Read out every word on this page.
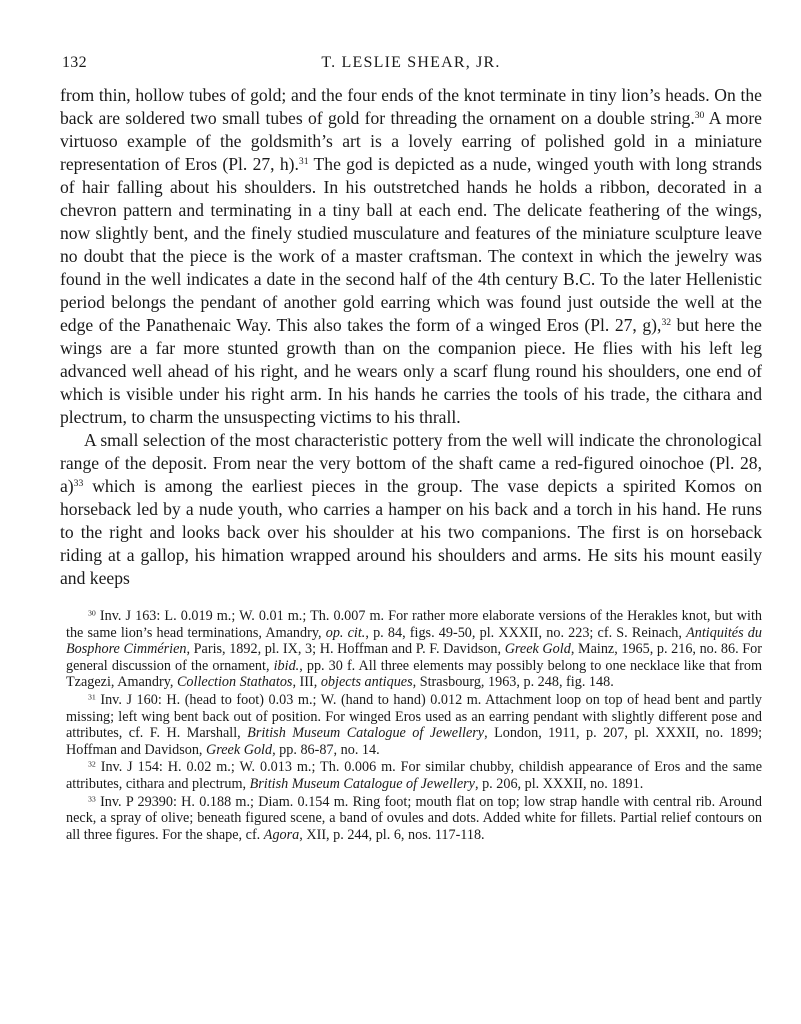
132	T. LESLIE SHEAR, JR.

from thin, hollow tubes of gold; and the four ends of the knot terminate in tiny lion’s heads. On the back are soldered two small tubes of gold for threading the ornament on a double string.$^{30}$ A more virtuoso example of the goldsmith’s art is a lovely earring of polished gold in a miniature representation of Eros (Pl. 27, h).$^{31}$ The god is depicted as a nude, winged youth with long strands of hair falling about his shoulders. In his outstretched hands he holds a ribbon, decorated in a chevron pattern and terminating in a tiny ball at each end. The delicate feathering of the wings, now slightly bent, and the finely studied musculature and features of the miniature sculpture leave no doubt that the piece is the work of a master craftsman. The context in which the jewelry was found in the well indicates a date in the second half of the 4th century B.C. To the later Hellenistic period belongs the pendant of another gold earring which was found just outside the well at the edge of the Panathenaic Way. This also takes the form of a winged Eros (Pl. 27, g),$^{32}$ but here the wings are a far more stunted growth than on the companion piece. He flies with his left leg advanced well ahead of his right, and he wears only a scarf flung round his shoulders, one end of which is visible under his right arm. In his hands he carries the tools of his trade, the cithara and plectrum, to charm the unsuspecting victims to his thrall.

A small selection of the most characteristic pottery from the well will indicate the chronological range of the deposit. From near the very bottom of the shaft came a red-figured oinochoe (Pl. 28, a)$^{33}$ which is among the earliest pieces in the group. The vase depicts a spirited Komos on horseback led by a nude youth, who carries a hamper on his back and a torch in his hand. He runs to the right and looks back over his shoulder at his two companions. The first is on horseback riding at a gallop, his himation wrapped around his shoulders and arms. He sits his mount easily and keeps

$^{30}$ Inv. J 163: L. 0.019 m.; W. 0.01 m.; Th. 0.007 m. For rather more elaborate versions of the Herakles knot, but with the same lion’s head terminations, Amandry, op. cit., p. 84, figs. 49-50, pl. XXXII, no. 223; cf. S. Reinach, Antiquités du Bosphore Cimmérien, Paris, 1892, pl. IX, 3; H. Hoffman and P. F. Davidson, Greek Gold, Mainz, 1965, p. 216, no. 86. For general discussion of the ornament, ibid., pp. 30 f. All three elements may possibly belong to one necklace like that from Tzagezi, Amandry, Collection Stathatos, III, objects antiques, Strasbourg, 1963, p. 248, fig. 148.

$^{31}$ Inv. J 160: H. (head to foot) 0.03 m.; W. (hand to hand) 0.012 m. Attachment loop on top of head bent and partly missing; left wing bent back out of position. For winged Eros used as an earring pendant with slightly different pose and attributes, cf. F. H. Marshall, British Museum Catalogue of Jewellery, London, 1911, p. 207, pl. XXXII, no. 1899; Hoffman and Davidson, Greek Gold, pp. 86-87, no. 14.

$^{32}$ Inv. J 154: H. 0.02 m.; W. 0.013 m.; Th. 0.006 m. For similar chubby, childish appearance of Eros and the same attributes, cithara and plectrum, British Museum Catalogue of Jewellery, p. 206, pl. XXXII, no. 1891.

$^{33}$ Inv. P 29390: H. 0.188 m.; Diam. 0.154 m. Ring foot; mouth flat on top; low strap handle with central rib. Around neck, a spray of olive; beneath figured scene, a band of ovules and dots. Added white for fillets. Partial relief contours on all three figures. For the shape, cf. Agora, XII, p. 244, pl. 6, nos. 117-118.
